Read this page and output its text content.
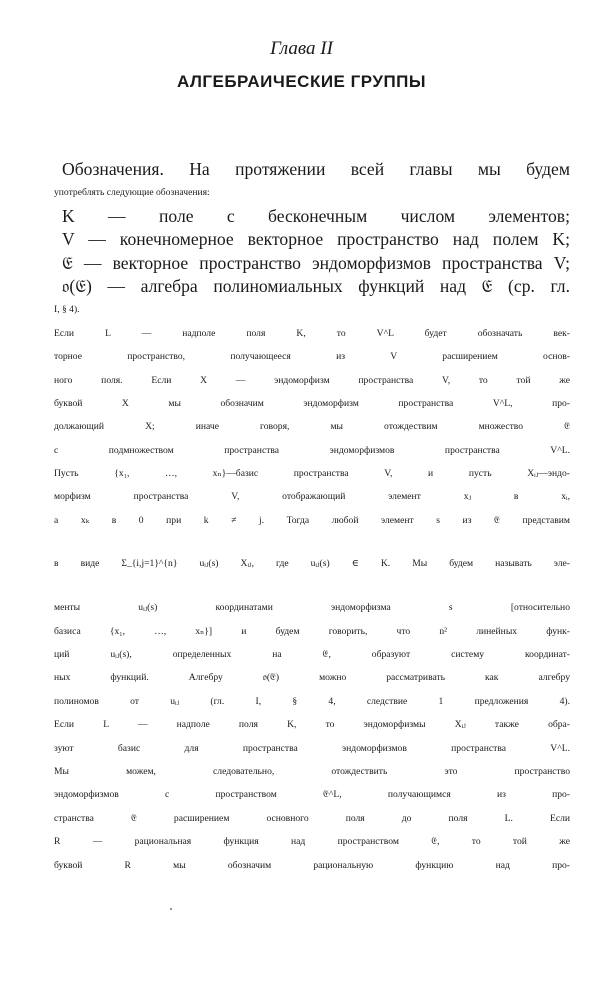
Глава II
АЛГЕБРАИЧЕСКИЕ ГРУППЫ
Обозначения. На протяжении всей главы мы будем
употреблять следующие обозначения:
K — поле с бесконечным числом элементов;
V — конечномерное векторное пространство над полем K;
𝔈 — векторное пространство эндоморфизмов пространства V;
𝔬(𝔈) — алгебра полиномиальных функций над 𝔈 (ср. гл.
I, § 4).
Если L — надполе поля K, то V^L будет обозначать век-
торное пространство, получающееся из V расширением основ-
ного поля. Если X — эндоморфизм пространства V, то той же
буквой X мы обозначим эндоморфизм пространства V^L, про-
должающий X; иначе говоря, мы отождествим множество 𝔈
с подмножеством пространства эндоморфизмов пространства V^L.
Пусть {x₁, …, xₙ}—базис пространства V, и пусть Xᵢⱼ—эндо-
морфизм пространства V, отображающий элемент xⱼ в xᵢ,
а xₖ в 0 при k ≠ j. Тогда любой элемент s из 𝔈 представим
в виде Σ_{i,j=1}^{n} uᵢⱼ(s) Xᵢⱼ, где uᵢⱼ(s) ∈ K. Мы будем называть эле-
менты uᵢⱼ(s) координатами эндоморфизма s [относительно
базиса {x₁, …, xₙ}] и будем говорить, что n² линейных функ-
ций uᵢⱼ(s), определенных на 𝔈, образуют систему координат-
ных функций. Алгебру 𝔬(𝔈) можно рассматривать как алгебру
полиномов от uᵢⱼ (гл. I, § 4, следствие 1 предложения 4).
Если L — надполе поля K, то эндоморфизмы Xᵢⱼ также обра-
зуют базис для пространства эндоморфизмов пространства V^L.
Мы можем, следовательно, отождествить это пространство
эндоморфизмов с пространством 𝔈^L, получающимся из про-
странства 𝔈 расширением основного поля до поля L. Если
R — рациональная функция над пространством 𝔈, то той же
буквой R мы обозначим рациональную функцию над про-
